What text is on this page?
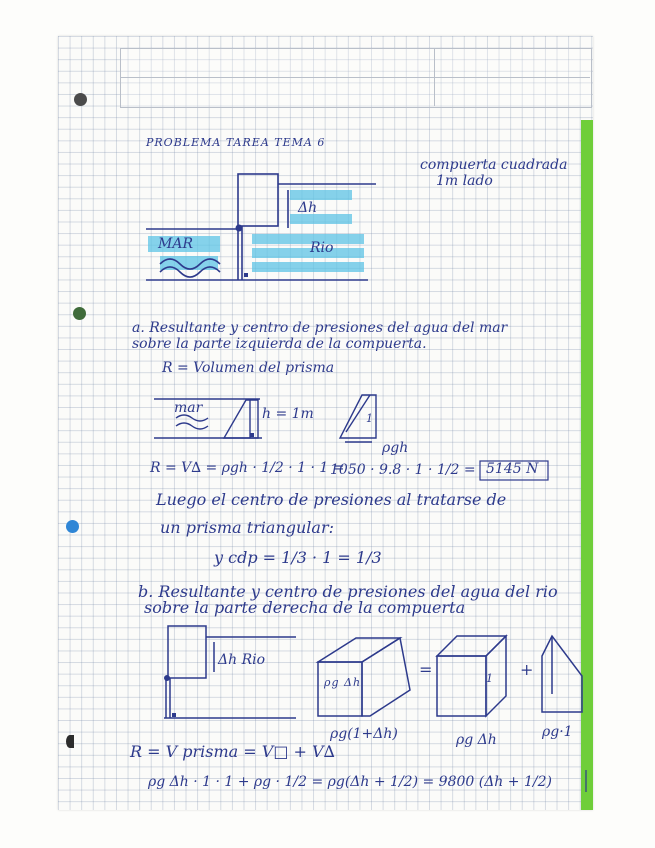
PROBLEMA TAREA TEMA 6
compuerta cuadrada
1m lado
MAR	Rio
Δh
a. Resultante y centro de presiones del agua del mar
sobre la parte izquierda de la compuerta.
R = Volumen del prisma
mar	h = 1m	1
ρgh
R = V∆ = ρgh · 1/2 · 1 · 1 =
1050 · 9.8 · 1 · 1/2 = 5145 N
Luego el centro de presiones al tratarse de
un prisma triangular:
y cdp = 1/3 · 1 = 1/3
b. Resultante y centro de presiones del agua del rio
sobre la parte derecha de la compuerta
Δh Rio
ρg Δh	1
=	+
ρg(1+Δh)	ρg Δh	ρg·1
R = V prisma = V□ + V∆
ρg Δh · 1 · 1 + ρg · 1/2 = ρg(Δh + 1/2) = 9800 (Δh + 1/2)
